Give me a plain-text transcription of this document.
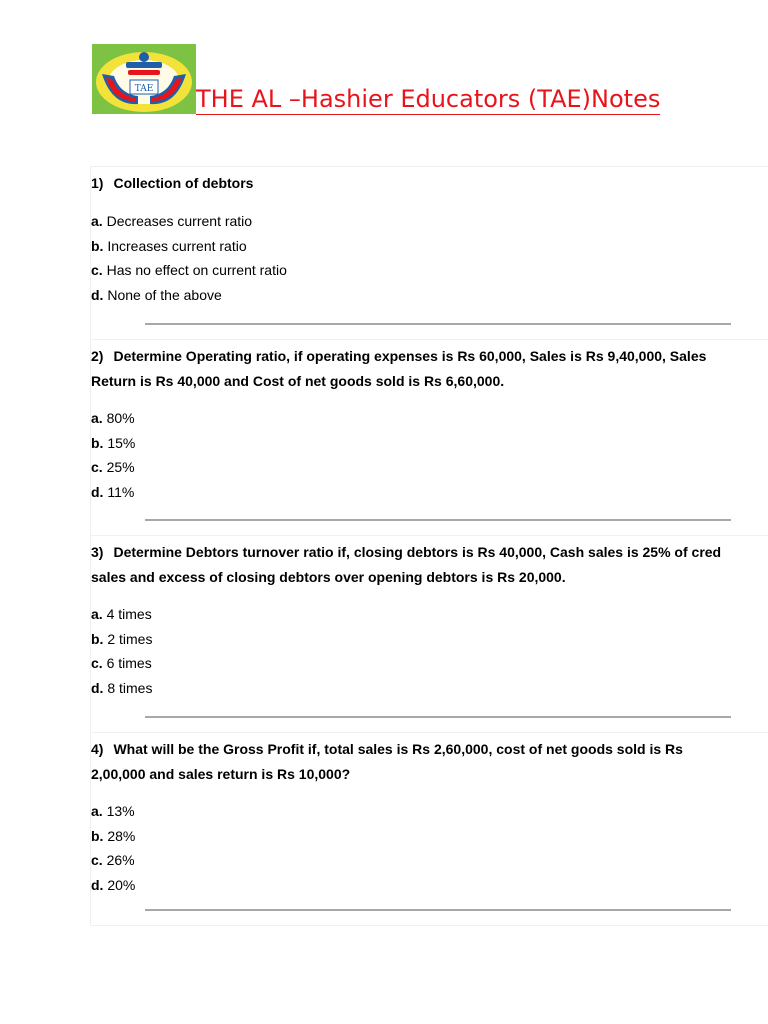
TAE THE AL –Hashier Educators (TAE)Notes

1) Collection of debtors

a. Decreases current ratio
b. Increases current ratio
c. Has no effect on current ratio
d. None of the above

2) Determine Operating ratio, if operating expenses is Rs 60,000, Sales is Rs 9,40,000, Sales
Return is Rs 40,000 and Cost of net goods sold is Rs 6,60,000.

a. 80%
b. 15%
c. 25%
d. 11%

3) Determine Debtors turnover ratio if, closing debtors is Rs 40,000, Cash sales is 25% of cred
sales and excess of closing debtors over opening debtors is Rs 20,000.

a. 4 times
b. 2 times
c. 6 times
d. 8 times

4) What will be the Gross Profit if, total sales is Rs 2,60,000, cost of net goods sold is Rs
2,00,000 and sales return is Rs 10,000?

a. 13%
b. 28%
c. 26%
d. 20%
